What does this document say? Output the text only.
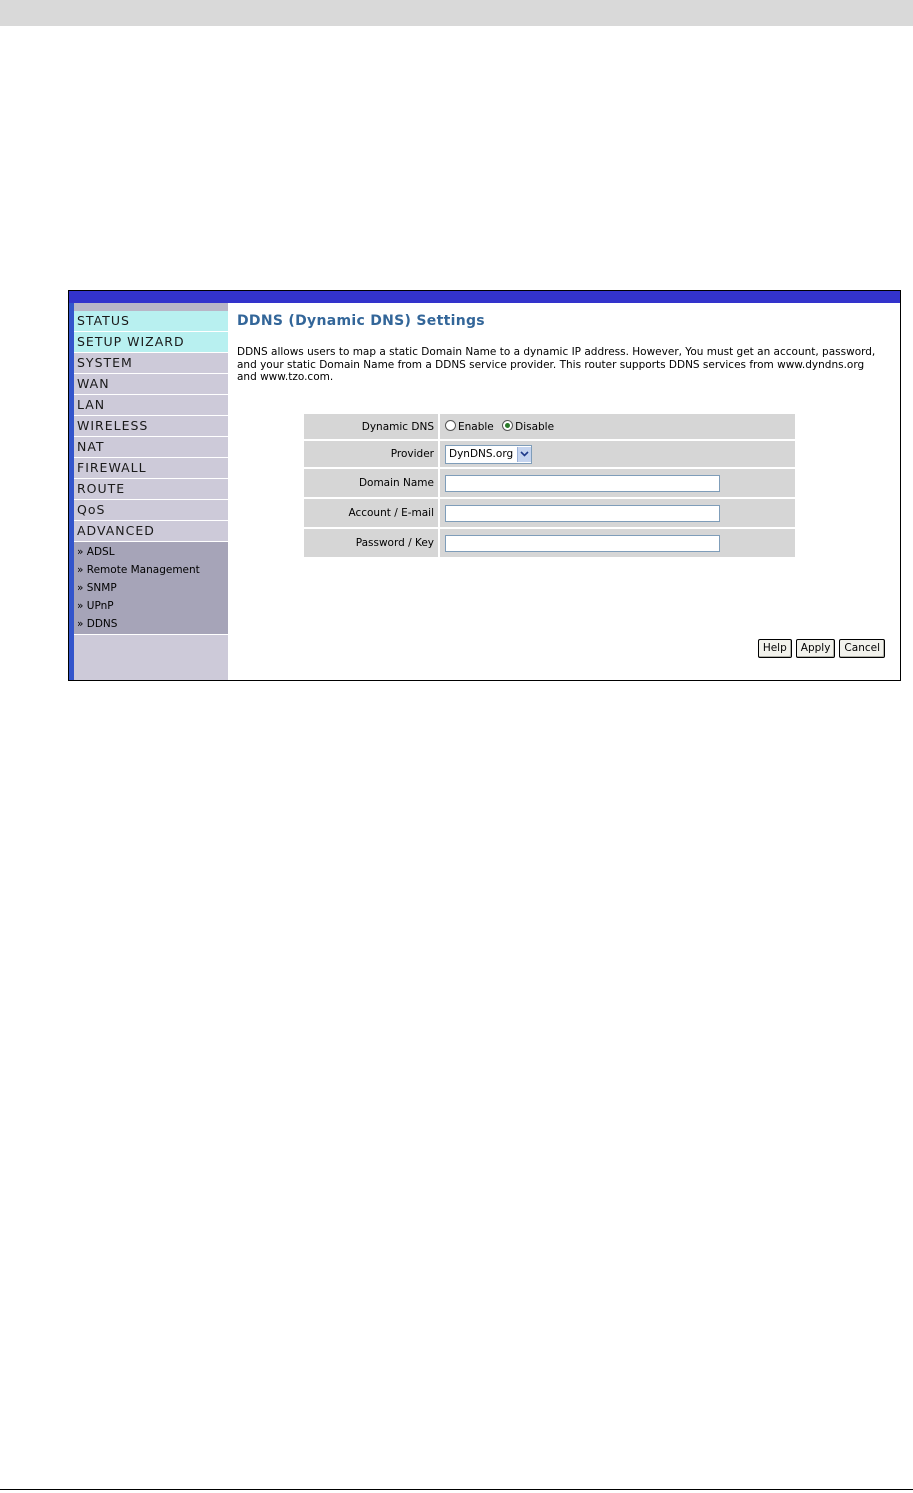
STATUS
SETUP WIZARD
SYSTEM
WAN
LAN
WIRELESS
NAT
FIREWALL
ROUTE
QoS
ADVANCED
» ADSL
» Remote Management
» SNMP
» UPnP
» DDNS
DDNS (Dynamic DNS) Settings

DDNS allows users to map a static Domain Name to a dynamic IP address. However, You must get an account, password, and your static Domain Name from a DDNS service provider. This router supports DDNS services from www.dyndns.org and www.tzo.com.

Dynamic DNS	Enable Disable
Provider	DynDNS.org

Domain Name	

Account / E-mail	

Password / Key	
Help	Apply	Cancel
